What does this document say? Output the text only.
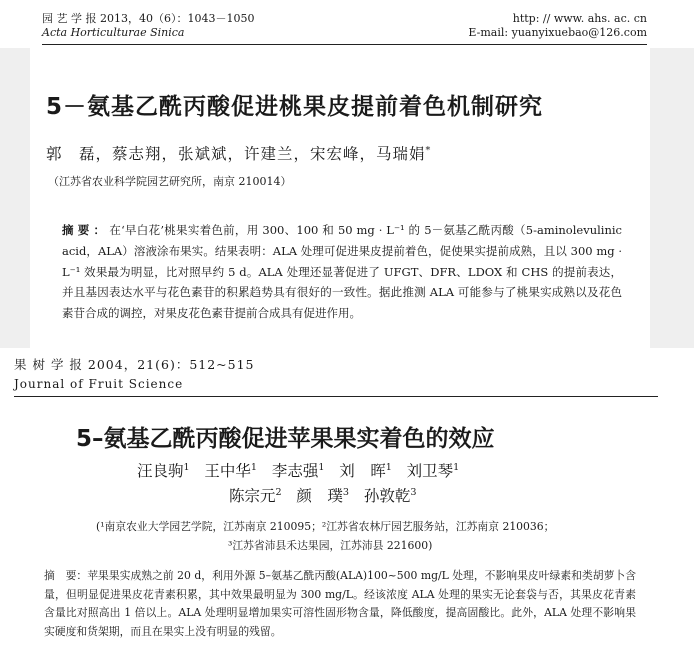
园 艺 学 报 2013，40（6）：1043－1050
Acta Horticulturae Sinica
http: // www. ahs. ac. cn
E-mail: yuanyixuebao@126.com
5－氨基乙酰丙酸促进桃果皮提前着色机制研究
郭　磊，蔡志翔，张斌斌，许建兰，宋宏峰，马瑞娟*
（江苏省农业科学院园艺研究所，南京 210014）
摘要：在‘早白花’桃果实着色前，用 300、100 和 50 mg · L⁻¹ 的 5－氨基乙酰丙酸（5-aminolevulinic acid，ALA）溶液涂布果实。结果表明：ALA 处理可促进果皮提前着色，促使果实提前成熟，且以 300 mg · L⁻¹ 效果最为明显，比对照早约 5 d。ALA 处理还显著促进了 UFGT、DFR、LDOX 和 CHS 的提前表达，并且基因表达水平与花色素苷的积累趋势具有很好的一致性。据此推测 ALA 可能参与了桃果实成熟以及花色素苷合成的调控，对果皮花色素苷提前合成具有促进作用。
果 树 学 报 2004，21(6)：512~515
Journal of Fruit Science
5–氨基乙酰丙酸促进苹果果实着色的效应
汪良驹$^1$ 王中华$^1$ 李志强$^1$ 刘　晖$^1$ 刘卫琴$^1$
陈宗元$^2$ 颜　璞$^3$ 孙敦乾$^3$
(¹南京农业大学园艺学院，江苏南京 210095；²江苏省农林厅园艺服务站，江苏南京 210036；
³江苏省沛县禾达果园，江苏沛县 221600)
摘　要：苹果果实成熟之前 20 d，利用外源 5–氨基乙酰丙酸(ALA)100~500 mg/L 处理，不影响果皮叶绿素和类胡萝卜含量，但明显促进果皮花青素积累，其中效果最明显为 300 mg/L。经该浓度 ALA 处理的果实无论套袋与否，其果皮花青素含量比对照高出 1 倍以上。ALA 处理明显增加果实可溶性固形物含量，降低酸度，提高固酸比。此外，ALA 处理不影响果实硬度和货架期，而且在果实上没有明显的残留。
